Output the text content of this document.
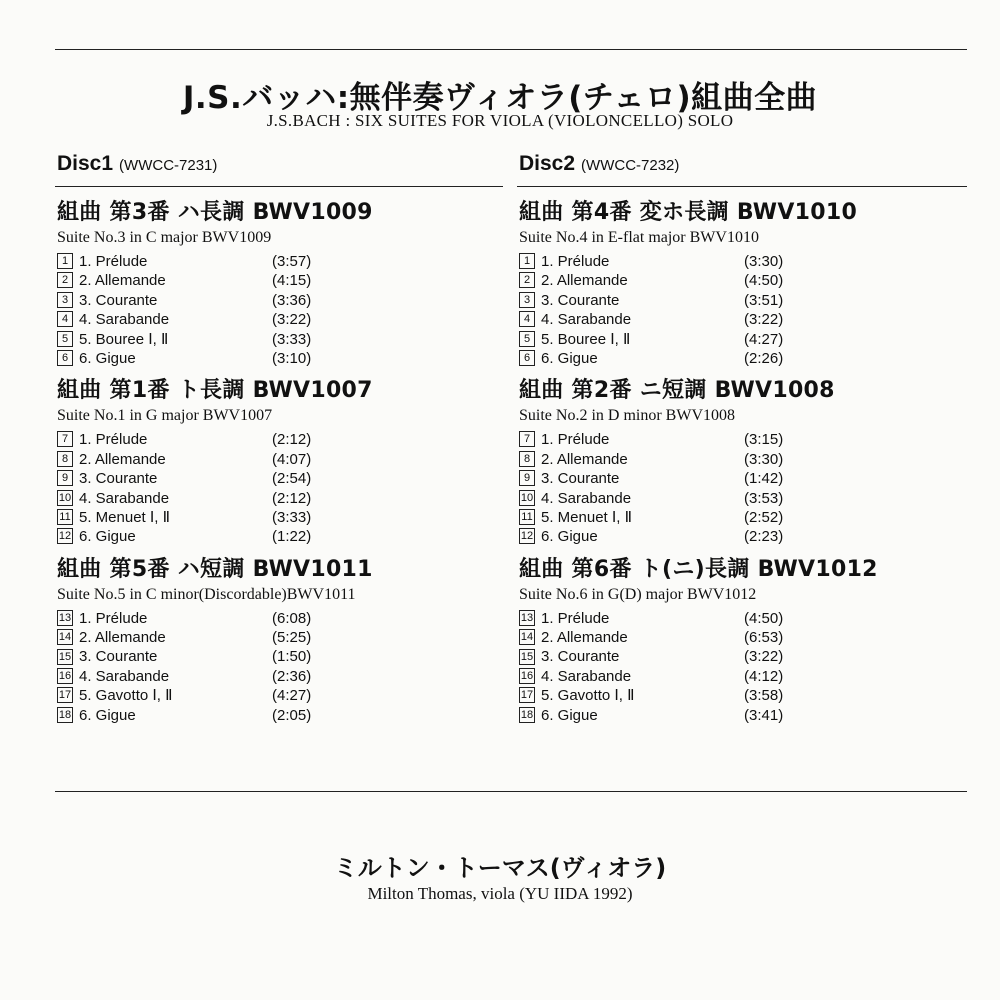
J.S.バッハ:無伴奏ヴィオラ(チェロ)組曲全曲
J.S.BACH : SIX SUITES FOR VIOLA (VIOLONCELLO) SOLO
Disc1 (WWCC-7231)
組曲 第3番 ハ長調 BWV1009
Suite No.3 in C major BWV1009
1 1. Prélude	(3:57)
2 2. Allemande	(4:15)
3 3. Courante	(3:36)
4 4. Sarabande	(3:22)
5 5. Bouree Ⅰ, Ⅱ	(3:33)
6 6. Gigue	(3:10)
組曲 第1番 ト長調 BWV1007
Suite No.1 in G major BWV1007
7 1. Prélude	(2:12)
8 2. Allemande	(4:07)
9 3. Courante	(2:54)
10 4. Sarabande	(2:12)
11 5. Menuet Ⅰ, Ⅱ	(3:33)
12 6. Gigue	(1:22)
組曲 第5番 ハ短調 BWV1011
Suite No.5 in C minor(Discordable)BWV1011
13 1. Prélude	(6:08)
14 2. Allemande	(5:25)
15 3. Courante	(1:50)
16 4. Sarabande	(2:36)
17 5. Gavotto Ⅰ, Ⅱ	(4:27)
18 6. Gigue	(2:05)
Disc2 (WWCC-7232)
組曲 第4番 変ホ長調 BWV1010
Suite No.4 in E-flat major BWV1010
1 1. Prélude	(3:30)
2 2. Allemande	(4:50)
3 3. Courante	(3:51)
4 4. Sarabande	(3:22)
5 5. Bouree Ⅰ, Ⅱ	(4:27)
6 6. Gigue	(2:26)
組曲 第2番 ニ短調 BWV1008
Suite No.2 in D minor BWV1008
7 1. Prélude	(3:15)
8 2. Allemande	(3:30)
9 3. Courante	(1:42)
10 4. Sarabande	(3:53)
11 5. Menuet Ⅰ, Ⅱ	(2:52)
12 6. Gigue	(2:23)
組曲 第6番 ト(ニ)長調 BWV1012
Suite No.6 in G(D) major BWV1012
13 1. Prélude	(4:50)
14 2. Allemande	(6:53)
15 3. Courante	(3:22)
16 4. Sarabande	(4:12)
17 5. Gavotto Ⅰ, Ⅱ	(3:58)
18 6. Gigue	(3:41)
ミルトン・トーマス(ヴィオラ)
Milton Thomas, viola (YU IIDA 1992)
